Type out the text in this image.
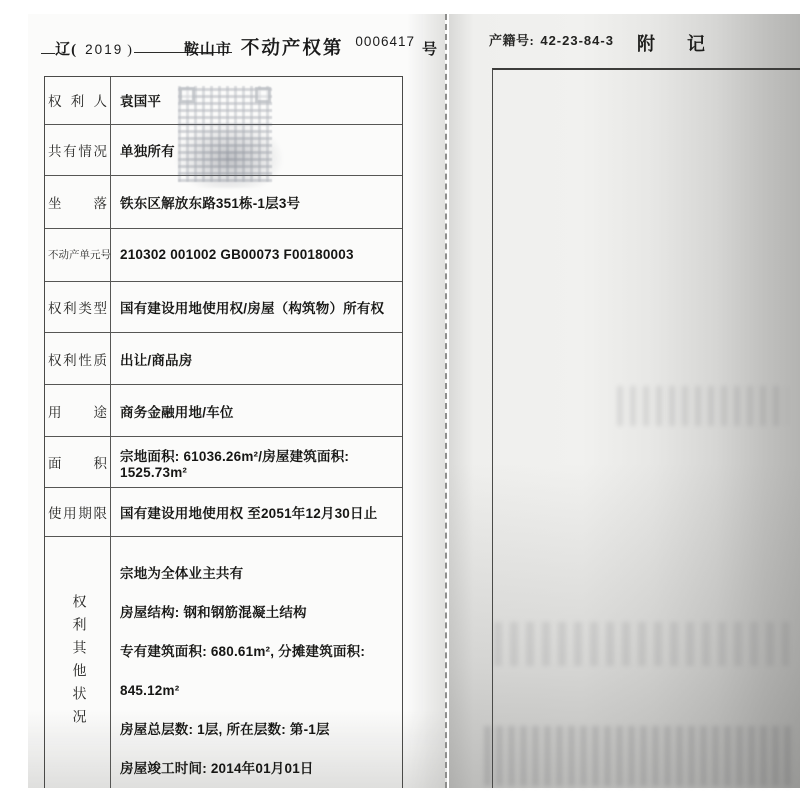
辽( 2019 )	鞍山市 不动产权第 0006417
号
权利人 袁国平
共有情况 单独所有
坐落 铁东区解放东路351栋-1层3号
不动产单元号 210302 001002 GB00073 F00180003
权利类型 国有建设用地使用权/房屋（构筑物）所有权
权利性质 出让/商品房
用途 商务金融用地/车位
面积 宗地面积: 61036.26m²/房屋建筑面积: 1525.73m²
使用期限 国有建设用地使用权 至2051年12月30日止
权利其他状况
宗地为全体业主共有
房屋结构: 钢和钢筋混凝土结构
专有建筑面积: 680.61m², 分摊建筑面积: 845.12m²
房屋总层数: 1层, 所在层数: 第-1层
房屋竣工时间: 2014年01月01日
产籍号: 42-23-84-3 附记
